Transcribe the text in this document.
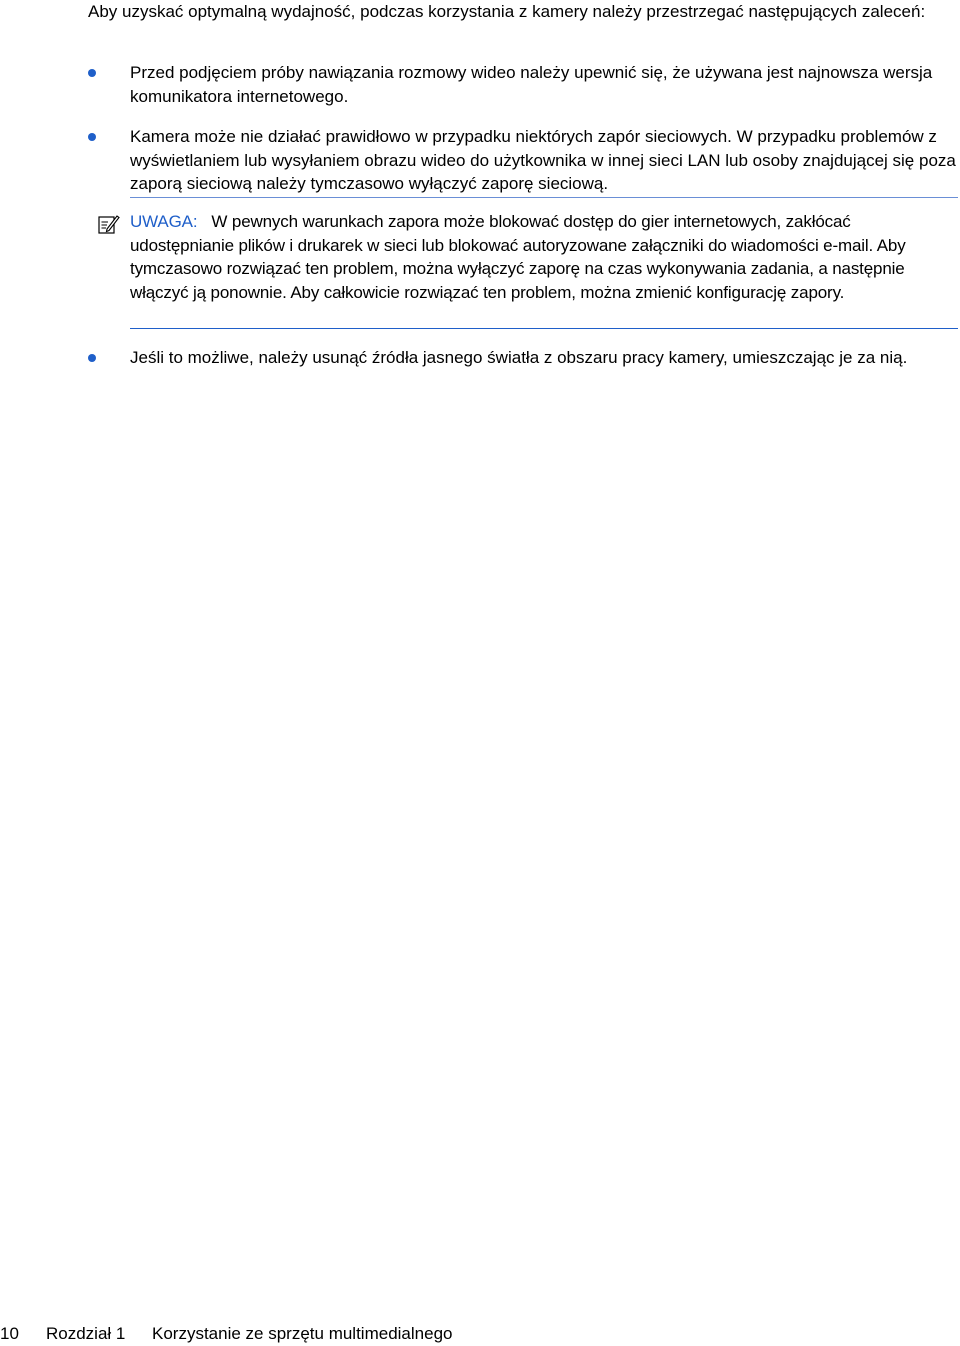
Aby uzyskać optymalną wydajność, podczas korzystania z kamery należy przestrzegać następujących zaleceń:

Przed podjęciem próby nawiązania rozmowy wideo należy upewnić się, że używana jest najnowsza wersja komunikatora internetowego.

Kamera może nie działać prawidłowo w przypadku niektórych zapór sieciowych. W przypadku problemów z wyświetlaniem lub wysyłaniem obrazu wideo do użytkownika w innej sieci LAN lub osoby znajdującej się poza zaporą sieciową należy tymczasowo wyłączyć zaporę sieciową.

UWAGA: W pewnych warunkach zapora może blokować dostęp do gier internetowych, zakłócać udostępnianie plików i drukarek w sieci lub blokować autoryzowane załączniki do wiadomości e-mail. Aby tymczasowo rozwiązać ten problem, można wyłączyć zaporę na czas wykonywania zadania, a następnie włączyć ją ponownie. Aby całkowicie rozwiązać ten problem, można zmienić konfigurację zapory.

Jeśli to możliwe, należy usunąć źródła jasnego światła z obszaru pracy kamery, umieszczając je za nią.

10 Rozdział 1 Korzystanie ze sprzętu multimedialnego
